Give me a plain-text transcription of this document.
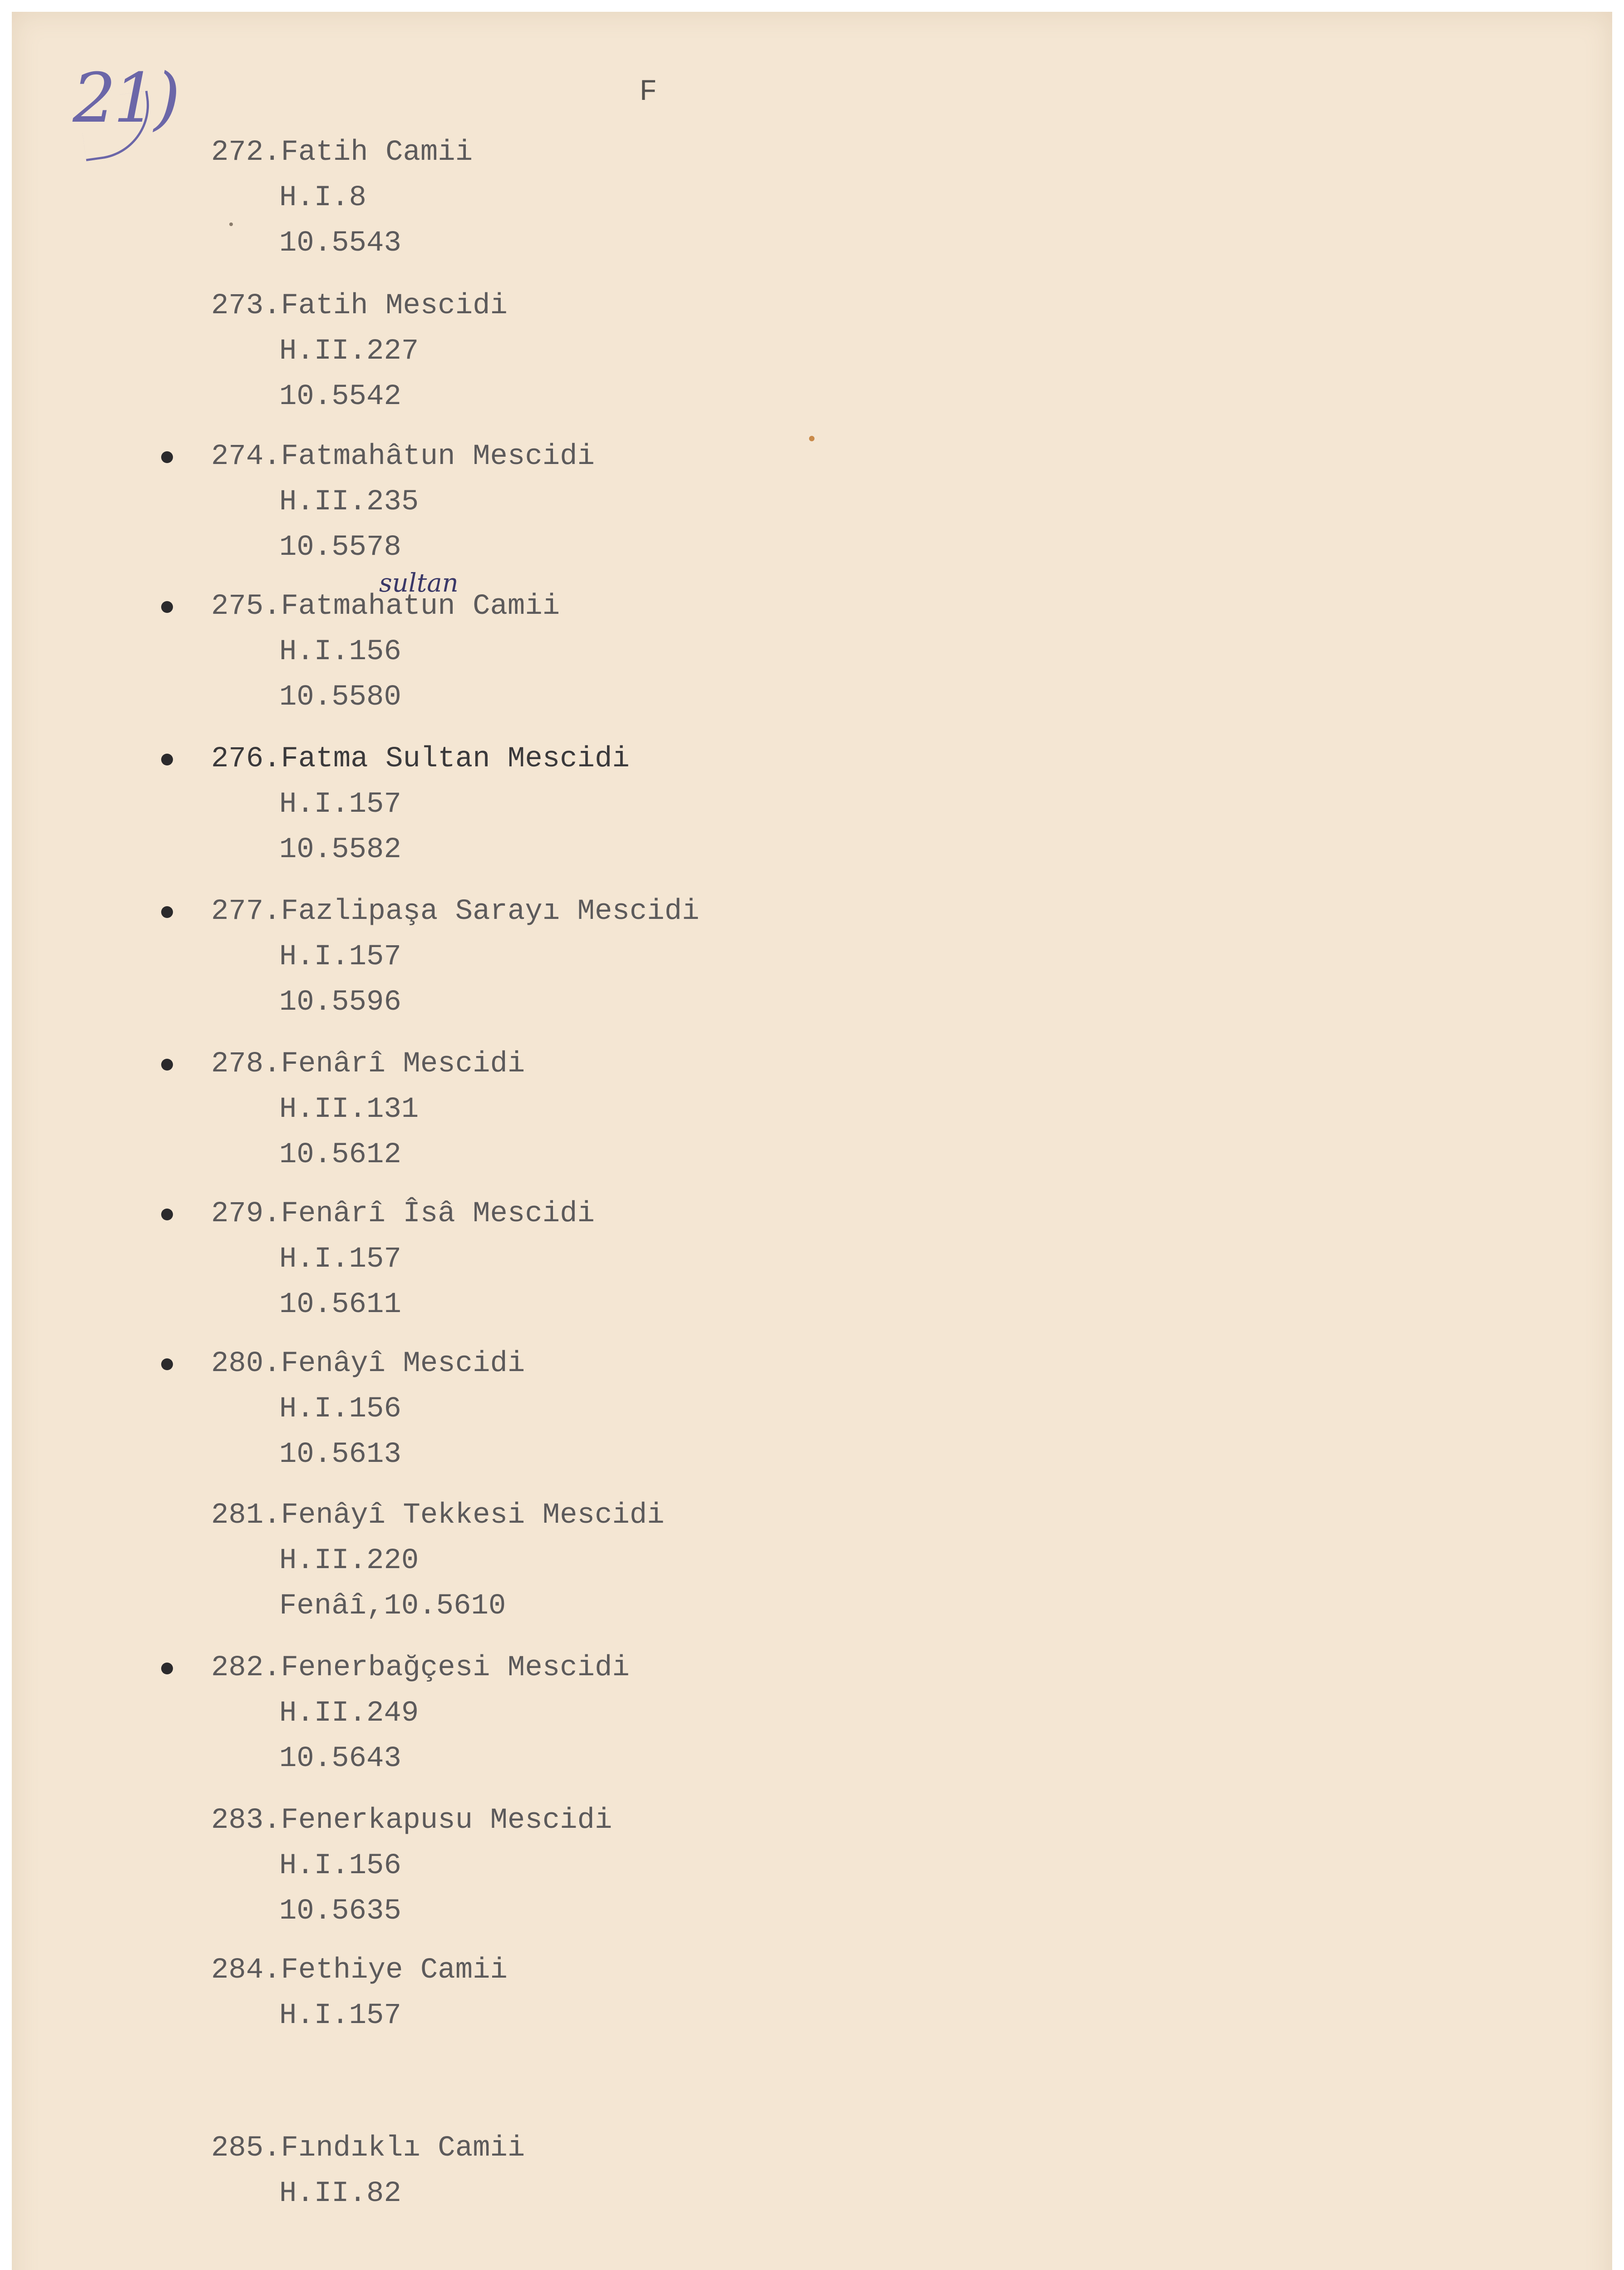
21)	F
272.Fatih Camii
H.I.8
10.5543
273.Fatih Mescidi
H.II.227
10.5542
274.Fatmahâtun Mescidi
H.II.235
10.5578
275.Fatmahatun Camii
sultan
H.I.156
10.5580
276.Fatma Sultan Mescidi
H.I.157
10.5582
277.Fazlipaşa Sarayı Mescidi
H.I.157
10.5596
278.Fenârî Mescidi
H.II.131
10.5612
279.Fenârî Îsâ Mescidi
H.I.157
10.5611
280.Fenâyî Mescidi
H.I.156
10.5613
281.Fenâyî Tekkesi Mescidi
H.II.220
Fenâî,10.5610
282.Fenerbağçesi Mescidi
H.II.249
10.5643
283.Fenerkapusu Mescidi
H.I.156
10.5635
284.Fethiye Camii
H.I.157
285.Fındıklı Camii
H.II.82
